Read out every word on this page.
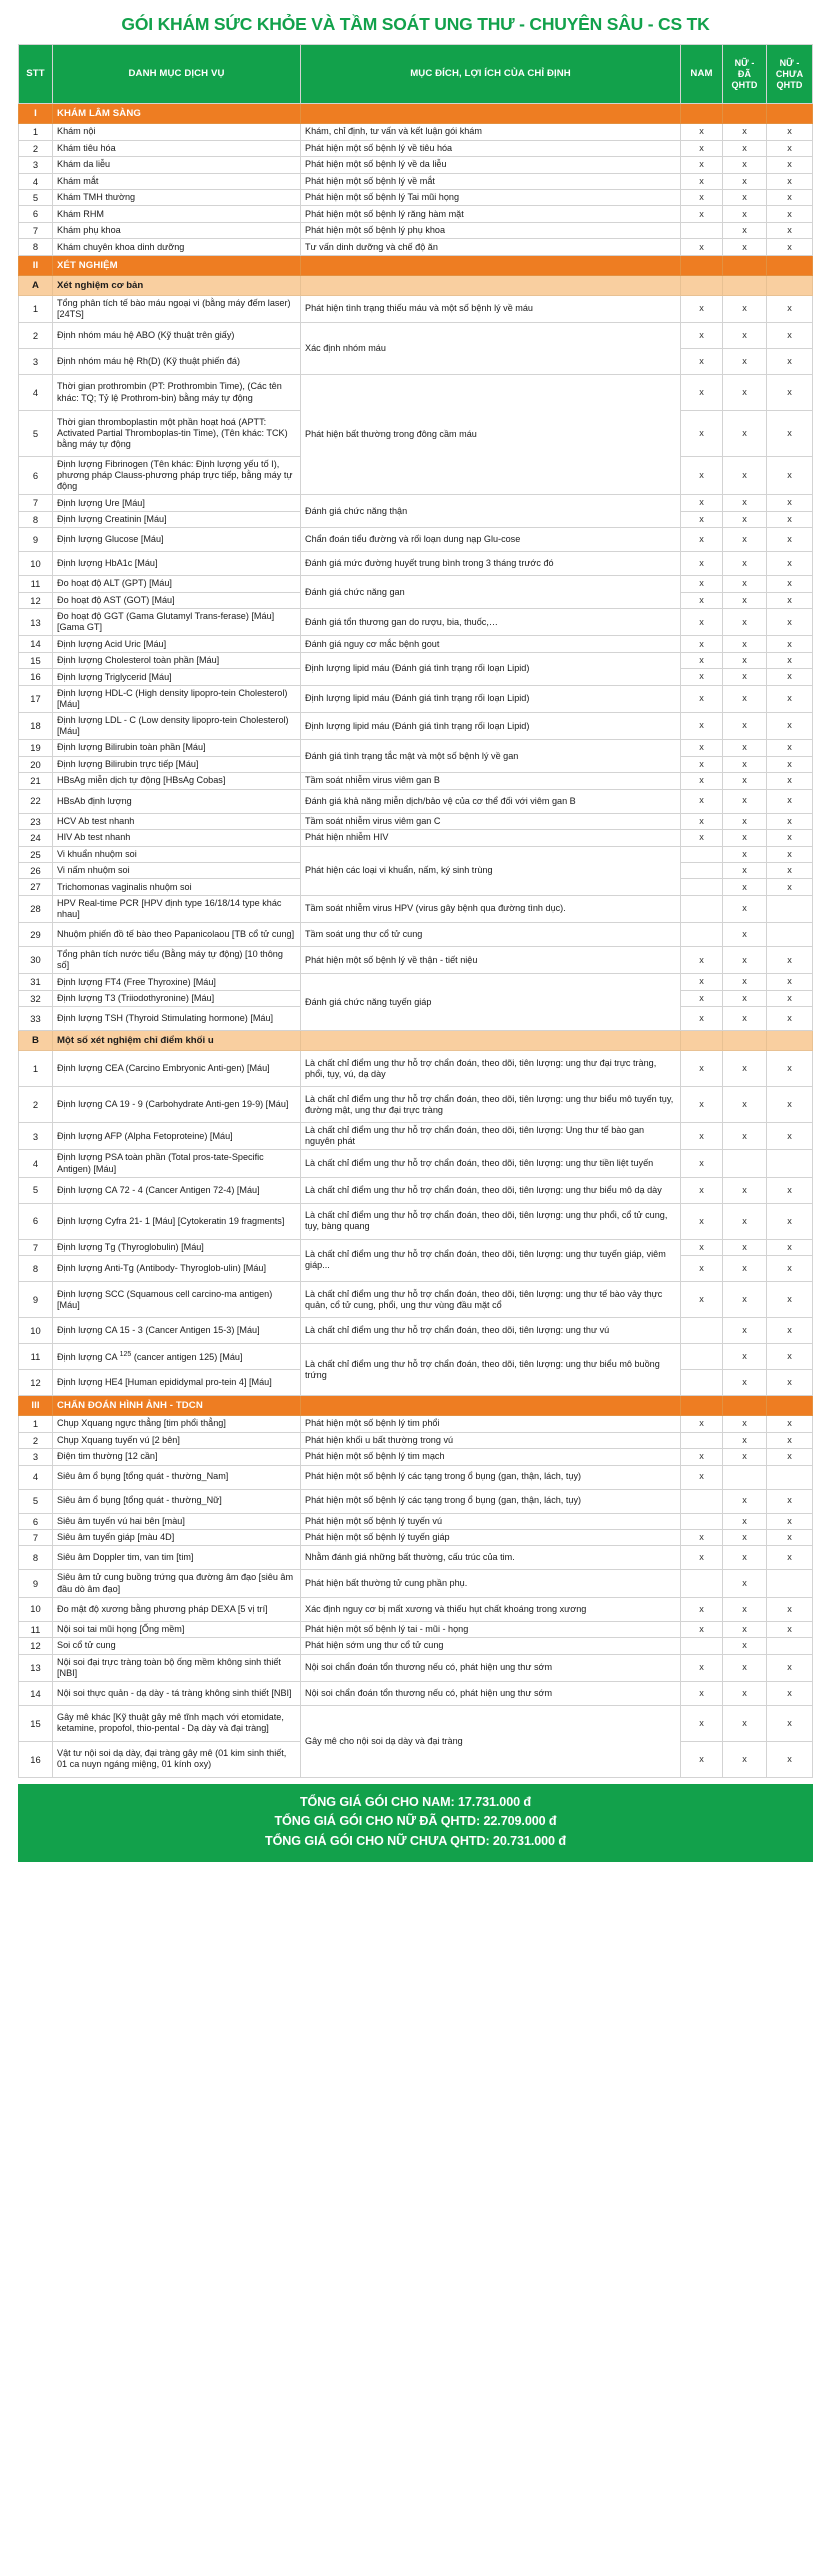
GÓI KHÁM SỨC KHỎE VÀ TẦM SOÁT UNG THƯ - CHUYÊN SÂU - CS TK
STT	DANH MỤC DỊCH VỤ	MỤC ĐÍCH, LỢI ÍCH CỦA CHỈ ĐỊNH	NAM	NỮ -
ĐÃ
QHTD	NỮ -
CHƯA
QHTD
I	KHÁM LÂM SÀNG				
1	Khám nội	Khám, chỉ định, tư vấn và kết luận gói khám	x	x	x
2	Khám tiêu hóa	Phát hiện một số bệnh lý về tiêu hóa	x	x	x
3	Khám da liễu	Phát hiện một số bệnh lý về da liễu	x	x	x
4	Khám mắt	Phát hiện một số bệnh lý về mắt	x	x	x
5	Khám TMH thường	Phát hiện một số bệnh lý Tai mũi họng	x	x	x
6	Khám RHM	Phát hiện một số bệnh lý răng hàm mặt	x	x	x
7	Khám phụ khoa	Phát hiện một số bệnh lý phụ khoa		x	x
8	Khám chuyên khoa dinh dưỡng	Tư vấn dinh dưỡng và chế độ ăn	x	x	x
II	XÉT NGHIỆM				
A	Xét nghiệm cơ bản				
1	Tổng phân tích tế bào máu ngoại vi (bằng máy đếm laser) [24TS]	Phát hiện tình trạng thiếu máu và một số bệnh lý về máu	x	x	x
2	Định nhóm máu hệ ABO (Kỹ thuật trên giấy)	Xác định nhóm máu	x	x	x
3	Định nhóm máu hệ Rh(D) (Kỹ thuật phiến đá)		x	x	x
4	Thời gian prothrombin (PT: Prothrombin Time), (Các tên khác: TQ; Tỷ lệ Prothrom-bin) bằng máy tự động	Phát hiện bất thường trong đông cầm máu	x	x	x
5	Thời gian thromboplastin một phần hoạt hoá (APTT: Activated Partial Thromboplas-tin Time), (Tên khác: TCK) bằng máy tự động		x	x	x
6	Định lượng Fibrinogen (Tên khác: Định lượng yếu tố I), phương pháp Clauss-phương pháp trực tiếp, bằng máy tự động		x	x	x
7	Định lượng Ure [Máu]	Đánh giá chức năng thận	x	x	x
8	Định lượng Creatinin [Máu]		x	x	x
9	Định lượng Glucose [Máu]	Chẩn đoán tiểu đường và rối loạn dung nạp Glu-cose	x	x	x
10	Định lượng HbA1c [Máu]	Đánh giá mức đường huyết trung bình trong 3 tháng trước đó	x	x	x
11	Đo hoạt độ ALT (GPT) [Máu]	Đánh giá chức năng gan	x	x	x
12	Đo hoạt độ AST (GOT) [Máu]		x	x	x
13	Đo hoạt độ GGT (Gama Glutamyl Trans-ferase) [Máu] [Gama GT]	Đánh giá tổn thương gan do rượu, bia, thuốc,…	x	x	x
14	Định lượng Acid Uric [Máu]	Đánh giá nguy cơ mắc bệnh gout	x	x	x
15	Định lượng Cholesterol toàn phần [Máu]	Định lượng lipid máu (Đánh giá tình trạng rối loạn Lipid)	x	x	x
16	Định lượng Triglycerid [Máu]		x	x	x
17	Định lượng HDL-C (High density lipopro-tein Cholesterol) [Máu]	Định lượng lipid máu (Đánh giá tình trạng rối loạn Lipid)	x	x	x
18	Định lượng LDL - C (Low density lipopro-tein Cholesterol) [Máu]	Định lượng lipid máu (Đánh giá tình trạng rối loạn Lipid)	x	x	x
19	Định lượng Bilirubin toàn phần [Máu]	Đánh giá tình trạng tắc mật và một số bệnh lý về gan	x	x	x
20	Định lượng Bilirubin trực tiếp [Máu]		x	x	x
21	HBsAg miễn dịch tự động [HBsAg Cobas]	Tầm soát nhiễm virus viêm gan B	x	x	x
22	HBsAb định lượng	Đánh giá khả năng miễn dịch/bảo vệ của cơ thể đối với viêm gan B	x	x	x
23	HCV Ab test nhanh	Tầm soát nhiễm virus viêm gan C	x	x	x
24	HIV Ab test nhanh	Phát hiện nhiễm HIV	x	x	x
25	Vi khuẩn nhuộm soi	Phát hiện các loại vi khuẩn, nấm, ký sinh trùng		x	x
26	Vi nấm nhuộm soi			x	x
27	Trichomonas vaginalis nhuộm soi			x	x
28	HPV Real-time PCR [HPV định type 16/18/14 type khác nhau]	Tầm soát nhiễm virus HPV (virus gây bệnh qua đường tình dục).		x	
29	Nhuộm phiến đồ tế bào theo Papanicolaou [TB cổ tử cung]	Tầm soát ung thư cổ tử cung		x	
30	Tổng phân tích nước tiểu (Bằng máy tự động) [10 thông số]	Phát hiện một số bệnh lý về thận - tiết niệu	x	x	x
31	Định lượng FT4 (Free Thyroxine) [Máu]	Đánh giá chức năng tuyến giáp	x	x	x
32	Định lượng T3 (Triiodothyronine) [Máu]		x	x	x
33	Định lượng TSH (Thyroid Stimulating hormone) [Máu]		x	x	x
B	Một số xét nghiệm chỉ điểm khối u				
1	Định lượng CEA (Carcino Embryonic Anti-gen) [Máu]	Là chất chỉ điểm ung thư hỗ trợ chẩn đoán, theo dõi, tiên lượng: ung thư đại trực tràng, phổi, tụy, vú, dạ dày	x	x	x
2	Định lượng CA 19 - 9 (Carbohydrate Anti-gen 19-9) [Máu]	Là chất chỉ điểm ung thư hỗ trợ chẩn đoán, theo dõi, tiên lượng: ung thư biểu mô tuyến tụy, đường mật, ung thư đại trực tràng	x	x	x
3	Định lượng AFP (Alpha Fetoproteine) [Máu]	Là chất chỉ điểm ung thư hỗ trợ chẩn đoán, theo dõi, tiên lượng: Ung thư tế bào gan nguyên phát	x	x	x
4	Định lượng PSA toàn phần (Total pros-tate-Specific Antigen) [Máu]	Là chất chỉ điểm ung thư hỗ trợ chẩn đoán, theo dõi, tiên lượng: ung thư tiền liệt tuyến	x		
5	Định lượng CA 72 - 4 (Cancer Antigen 72-4) [Máu]	Là chất chỉ điểm ung thư hỗ trợ chẩn đoán, theo dõi, tiên lượng: ung thư biểu mô dạ dày	x	x	x
6	Định lượng Cyfra 21- 1 [Máu] [Cytokeratin 19 fragments]	Là chất chỉ điểm ung thư hỗ trợ chẩn đoán, theo dõi, tiên lượng: ung thư phổi, cổ tử cung, tụy, bàng quang	x	x	x
7	Định lượng Tg (Thyroglobulin) [Máu]	Là chất chỉ điểm ung thư hỗ trợ chẩn đoán, theo dõi, tiên lượng: ung thư tuyến giáp, viêm giáp...	x	x	x
8	Định lượng Anti-Tg (Antibody- Thyroglob-ulin) [Máu]		x	x	x
9	Định lượng SCC (Squamous cell carcino-ma antigen) [Máu]	Là chất chỉ điểm ung thư hỗ trợ chẩn đoán, theo dõi, tiên lượng: ung thư tế bào vảy thực quản, cổ tử cung, phổi, ung thư vùng đầu mặt cổ	x	x	x
10	Định lượng CA 15 - 3 (Cancer Antigen 15-3) [Máu]	Là chất chỉ điểm ung thư hỗ trợ chẩn đoán, theo dõi, tiên lượng: ung thư vú		x	x
11	Định lượng CA $^{125}$ (cancer antigen 125) [Máu]	Là chất chỉ điểm ung thư hỗ trợ chẩn đoán, theo dõi, tiên lượng: ung thư biểu mô buồng trứng		x	x
12	Định lượng HE4 [Human epididymal pro-tein 4] [Máu]			x	x
III	CHẨN ĐOÁN HÌNH ẢNH - TDCN				
1	Chụp Xquang ngực thẳng [tim phổi thẳng]	Phát hiện một số bệnh lý tim phổi	x	x	x
2	Chụp Xquang tuyến vú [2 bên]	Phát hiện khối u bất thường trong vú		x	x
3	Điện tim thường [12 cần]	Phát hiện một số bệnh lý tim mạch	x	x	x
4	Siêu âm ổ bụng [tổng quát - thường_Nam]	Phát hiện một số bệnh lý các tạng trong ổ bụng (gan, thận, lách, tụy)	x		
5	Siêu âm ổ bụng [tổng quát - thường_Nữ]	Phát hiện một số bệnh lý các tạng trong ổ bụng (gan, thận, lách, tụy)		x	x
6	Siêu âm tuyến vú hai bên [màu]	Phát hiện một số bệnh lý tuyến vú		x	x
7	Siêu âm tuyến giáp [màu 4D]	Phát hiện một số bệnh lý tuyến giáp	x	x	x
8	Siêu âm Doppler tim, van tim [tim]	Nhằm đánh giá những bất thường, cấu trúc của tim.	x	x	x
9	Siêu âm tử cung buồng trứng qua đường âm đạo [siêu âm đầu dò âm đạo]	Phát hiện bất thường tử cung phần phụ.		x	
10	Đo mật độ xương bằng phương pháp DEXA [5 vị trí]	Xác định nguy cơ bị mất xương và thiếu hụt chất khoáng trong xương	x	x	x
11	Nội soi tai mũi họng [Ống mềm]	Phát hiện một số bệnh lý tai - mũi - họng	x	x	x
12	Soi cổ tử cung	Phát hiện sớm ung thư cổ tử cung		x	
13	Nội soi đại trực tràng toàn bộ ống mềm không sinh thiết [NBI]	Nội soi chẩn đoán tổn thương nếu có, phát hiện ung thư sớm	x	x	x
14	Nội soi thực quản - dạ dày - tá tràng không sinh thiết [NBI]	Nội soi chẩn đoán tổn thương nếu có, phát hiện ung thư sớm	x	x	x
15	Gây mê khác [Kỹ thuật gây mê tĩnh mạch với etomidate, ketamine, propofol, thio-pental - Dạ dày và đại tràng]	Gây mê cho nội soi dạ dày và đại tràng	x	x	x
16	Vật tư nội soi dạ dày, đại tràng gây mê (01 kim sinh thiết, 01 ca nuyn ngáng miệng, 01 kính oxy)		x	x	x
TỔNG GIÁ GÓI CHO NAM: 17.731.000 đ
TỔNG GIÁ GÓI CHO NỮ ĐÃ QHTD: 22.709.000 đ
TỔNG GIÁ GÓI CHO NỮ CHƯA QHTD: 20.731.000 đ
